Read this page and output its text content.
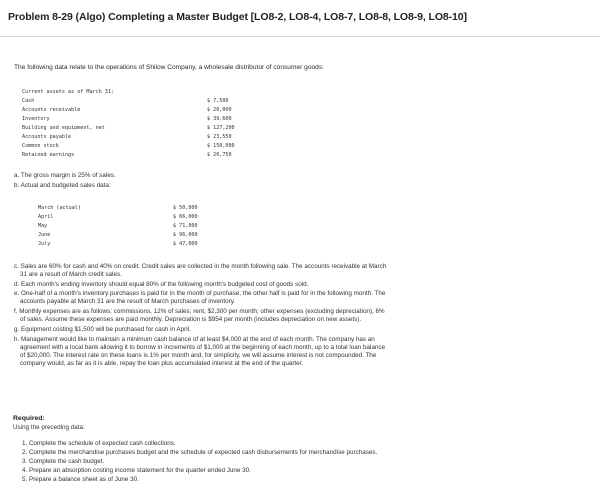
Problem 8-29 (Algo) Completing a Master Budget [LO8-2, LO8-4, LO8-7, LO8-8, LO8-9, LO8-10]
The following data relate to the operations of Shilow Company, a wholesale distributor of consumer goods:
Current assets as of March 31:
Cash	$ 7,500
Accounts receivable	$ 20,000
Inventory	$ 39,600
Building and equipment, net	$ 127,200
Accounts payable	$ 23,550
Common stock	$ 150,000
Retained earnings	$ 20,750
a. The gross margin is 25% of sales.
b. Actual and budgeted sales data:
March (actual)	$ 50,000
April	$ 66,000
May	$ 71,000
June	$ 96,000
July	$ 47,000
c. Sales are 60% for cash and 40% on credit. Credit sales are collected in the month following sale. The accounts receivable at March
31 are a result of March credit sales.
d. Each month's ending inventory should equal 80% of the following month's budgeted cost of goods sold.
e. One-half of a month's inventory purchases is paid for in the month of purchase; the other half is paid for in the following month. The
accounts payable at March 31 are the result of March purchases of inventory.
f. Monthly expenses are as follows: commissions, 12% of sales; rent, $2,300 per month; other expenses (excluding depreciation), 6%
of sales. Assume these expenses are paid monthly. Depreciation is $954 per month (includes depreciation on new assets).
g. Equipment costing $1,500 will be purchased for cash in April.
h. Management would like to maintain a minimum cash balance of at least $4,000 at the end of each month. The company has an
agreement with a local bank allowing it to borrow in increments of $1,000 at the beginning of each month, up to a total loan balance
of $20,000. The interest rate on these loans is 1% per month and, for simplicity, we will assume interest is not compounded. The
company would, as far as it is able, repay the loan plus accumulated interest at the end of the quarter.
Required:
Using the preceding data:
1. Complete the schedule of expected cash collections.
2. Complete the merchandise purchases budget and the schedule of expected cash disbursements for merchandise purchases.
3. Complete the cash budget.
4. Prepare an absorption costing income statement for the quarter ended June 30.
5. Prepare a balance sheet as of June 30.
